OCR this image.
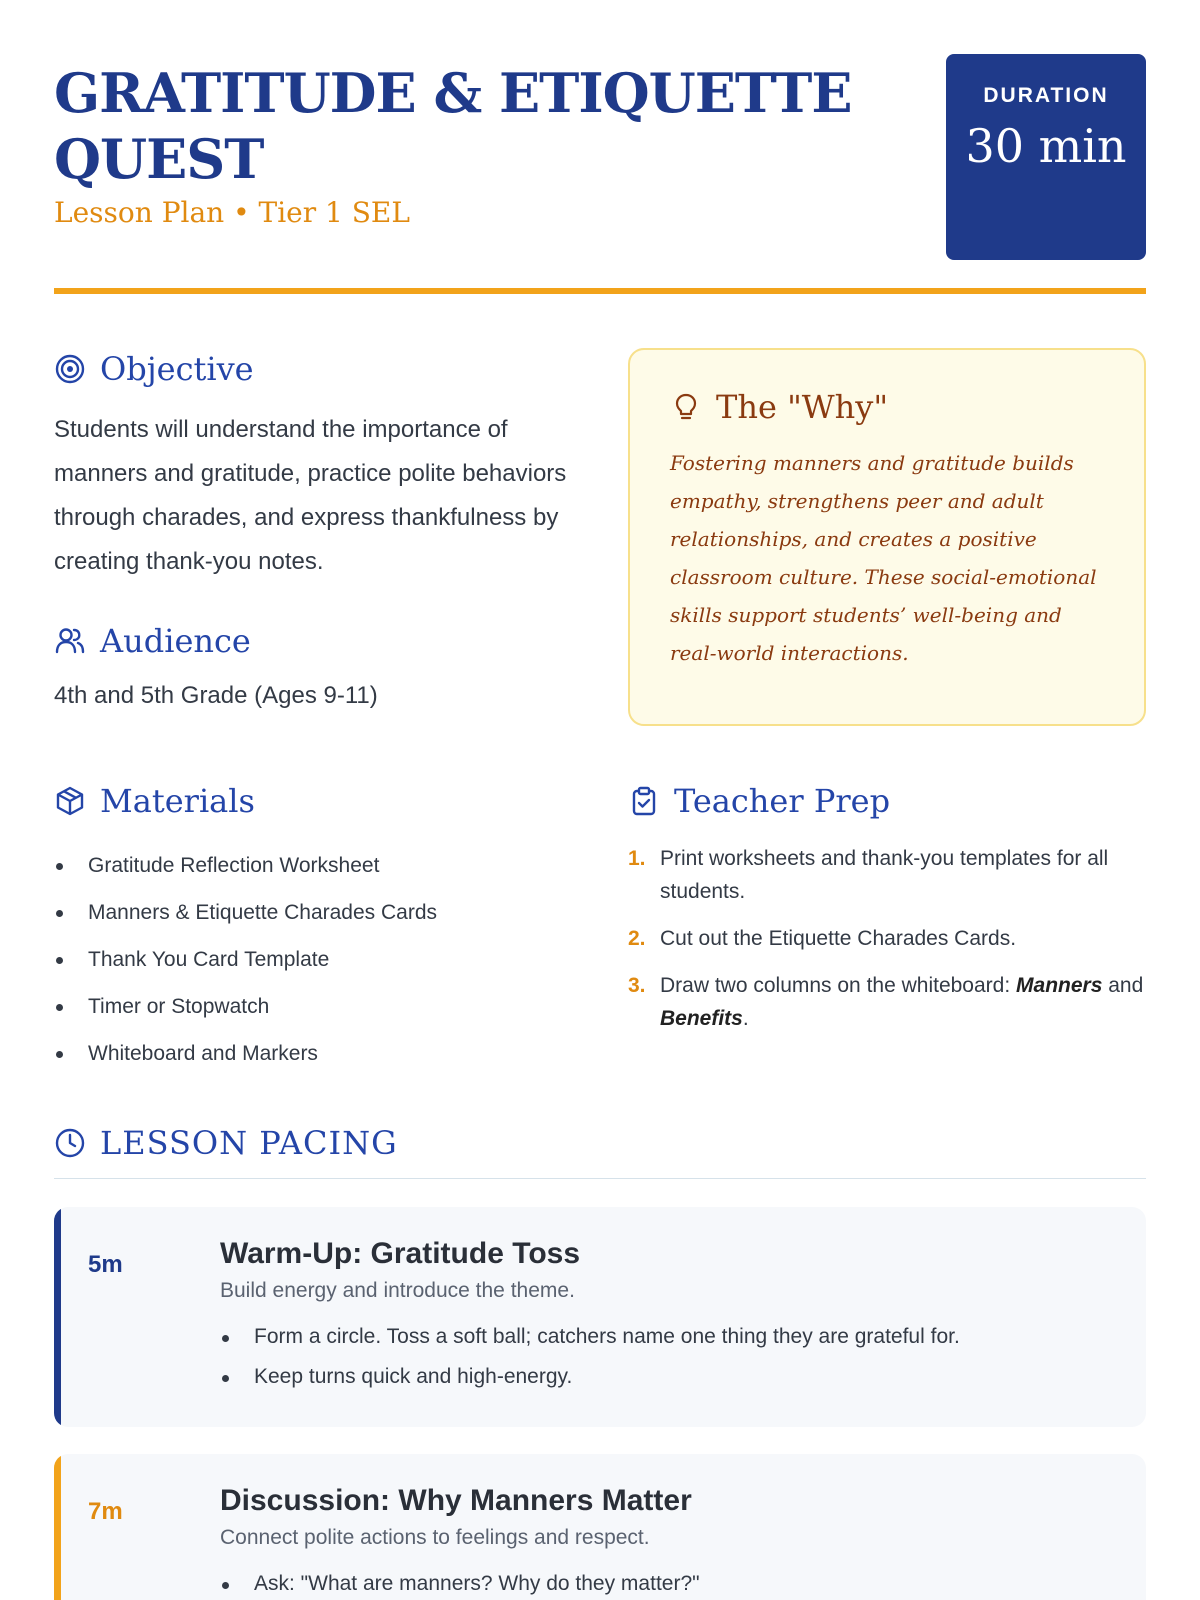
GRATITUDE & ETIQUETTE QUEST
Lesson Plan • Tier 1 SEL
DURATION
30 min
Objective

Students will understand the importance of manners and gratitude, practice polite behaviors through charades, and express thankfulness by creating thank-you notes.

Audience

4th and 5th Grade (Ages 9-11)

The "Why"

Fostering manners and gratitude builds empathy, strengthens peer and adult relationships, and creates a positive classroom culture. These social-emotional skills support students’ well-being and real-world interactions.

Materials
Gratitude Reflection Worksheet
Manners & Etiquette Charades Cards
Thank You Card Template
Timer or Stopwatch
Whiteboard and Markers
Teacher Prep
1. Print worksheets and thank-you templates for all students.
2. Cut out the Etiquette Charades Cards.
3. Draw two columns on the whiteboard: Manners and Benefits.
LESSON PACING
5m	Warm-Up: Gratitude Toss
Build energy and introduce the theme.
Form a circle. Toss a soft ball; catchers name one thing they are grateful for.
Keep turns quick and high-energy.
7m	Discussion: Why Manners Matter
Connect polite actions to feelings and respect.
Ask: "What are manners? Why do they matter?"
